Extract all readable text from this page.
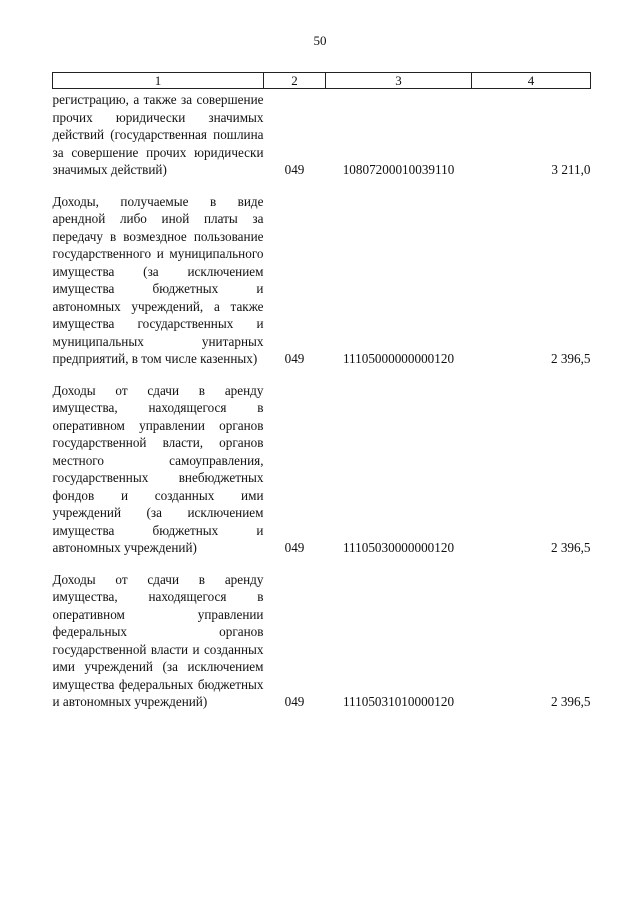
50
1	2	3	4
регистрацию, а также за совершение прочих юридически значимых действий (государственная пошлина за совершение прочих юридически значимых действий)	049	10807200010039110	3 211,0
Доходы, получаемые в виде арендной либо иной платы за передачу в возмездное пользование государственного и муниципального имущества (за исключением имущества бюджетных и автономных учреждений, а также имущества государственных и муниципальных унитарных предприятий, в том числе казенных)	049	11105000000000120	2 396,5
Доходы от сдачи в аренду имущества, находящегося в оперативном управлении органов государственной власти, органов местного самоуправления, государственных внебюджетных фондов и созданных ими учреждений (за исключением имущества бюджетных и автономных учреждений)	049	11105030000000120	2 396,5
Доходы от сдачи в аренду имущества, находящегося в оперативном управлении федеральных органов государственной власти и созданных ими учреждений (за исключением имущества федеральных бюджетных и автономных учреждений)	049	11105031010000120	2 396,5
